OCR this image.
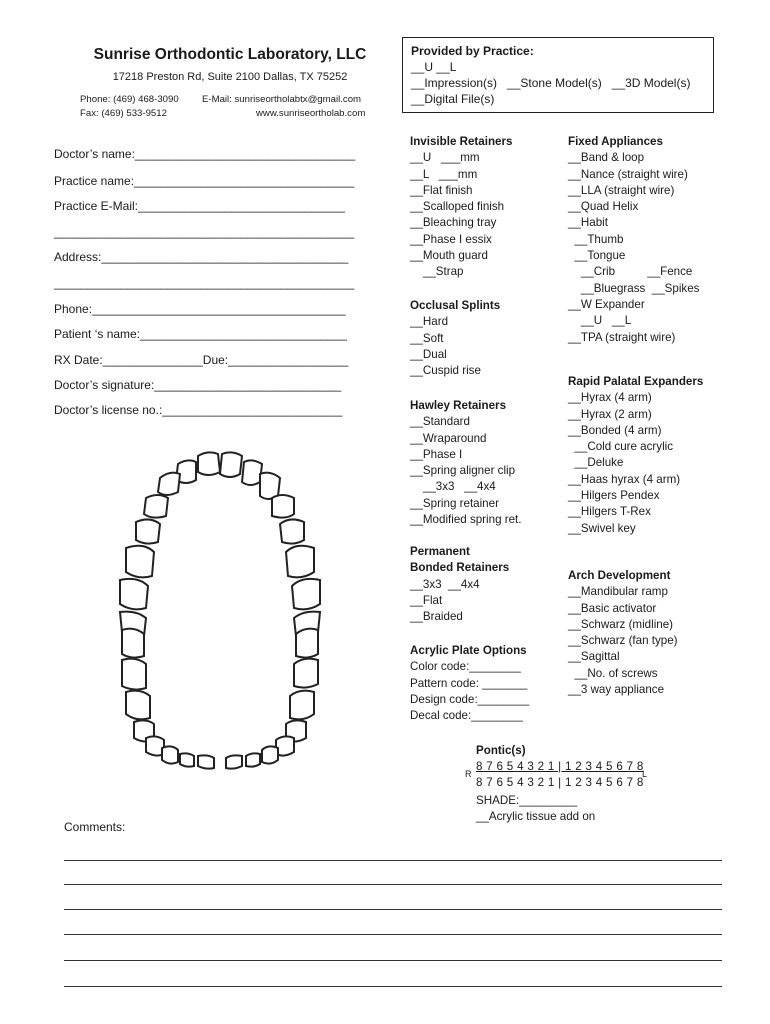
Sunrise Orthodontic Laboratory, LLC
17218 Preston Rd, Suite 2100 Dallas, TX 75252
Phone: (469) 468-3090
Fax: (469) 533-9512
E-Mail: sunriseortholabtx@gmail.com
www.sunriseortholab.com
Provided by Practice:
__U __L
__Impression(s)   __Stone Model(s)   __3D Model(s)
__Digital File(s)
Doctor’s name:_________________________________
Practice name:_________________________________
Practice E-Mail:_______________________________
_____________________________________________
Address:_____________________________________
_____________________________________________
Phone:______________________________________
Patient ‘s name:_______________________________
RX Date:_______________Due:__________________
Doctor’s signature:____________________________
Doctor’s license no.:___________________________
Invisible Retainers
__U   ___mm
__L   ___mm
__Flat finish
__Scalloped finish
__Bleaching tray
__Phase I essix
__Mouth guard
__Strap
Occlusal Splints
__Hard
__Soft
__Dual
__Cuspid rise
Hawley Retainers
__Standard
__Wraparound
__Phase I
__Spring aligner clip
__3x3   __4x4
__Spring retainer
__Modified spring ret.
Permanent
Bonded Retainers
__3x3  __4x4
__Flat
__Braided
Acrylic Plate Options
Color code:________
Pattern code: _______
Design code:________
Decal code:________
Fixed Appliances
__Band & loop
__Nance (straight wire)
__LLA (straight wire)
__Quad Helix
__Habit
__Thumb
__Tongue
__Crib          __Fence
__Bluegrass  __Spikes
__W Expander
__U   __L
__TPA (straight wire)
Rapid Palatal Expanders
__Hyrax (4 arm)
__Hyrax (2 arm)
__Bonded (4 arm)
__Cold cure acrylic
__Deluke
__Haas hyrax (4 arm)
__Hilgers Pendex
__Hilgers T-Rex
__Swivel key
Arch Development
__Mandibular ramp
__Basic activator
__Schwarz (midline)
__Schwarz (fan type)
__Sagittal
__No. of screws
__3 way appliance
Pontic(s)
8 7 6 5 4 3 2 1 | 1 2 3 4 5 6 7 8
8 7 6 5 4 3 2 1 | 1 2 3 4 5 6 7 8
SHADE:_________
__Acrylic tissue add on
R	L
Comments:
